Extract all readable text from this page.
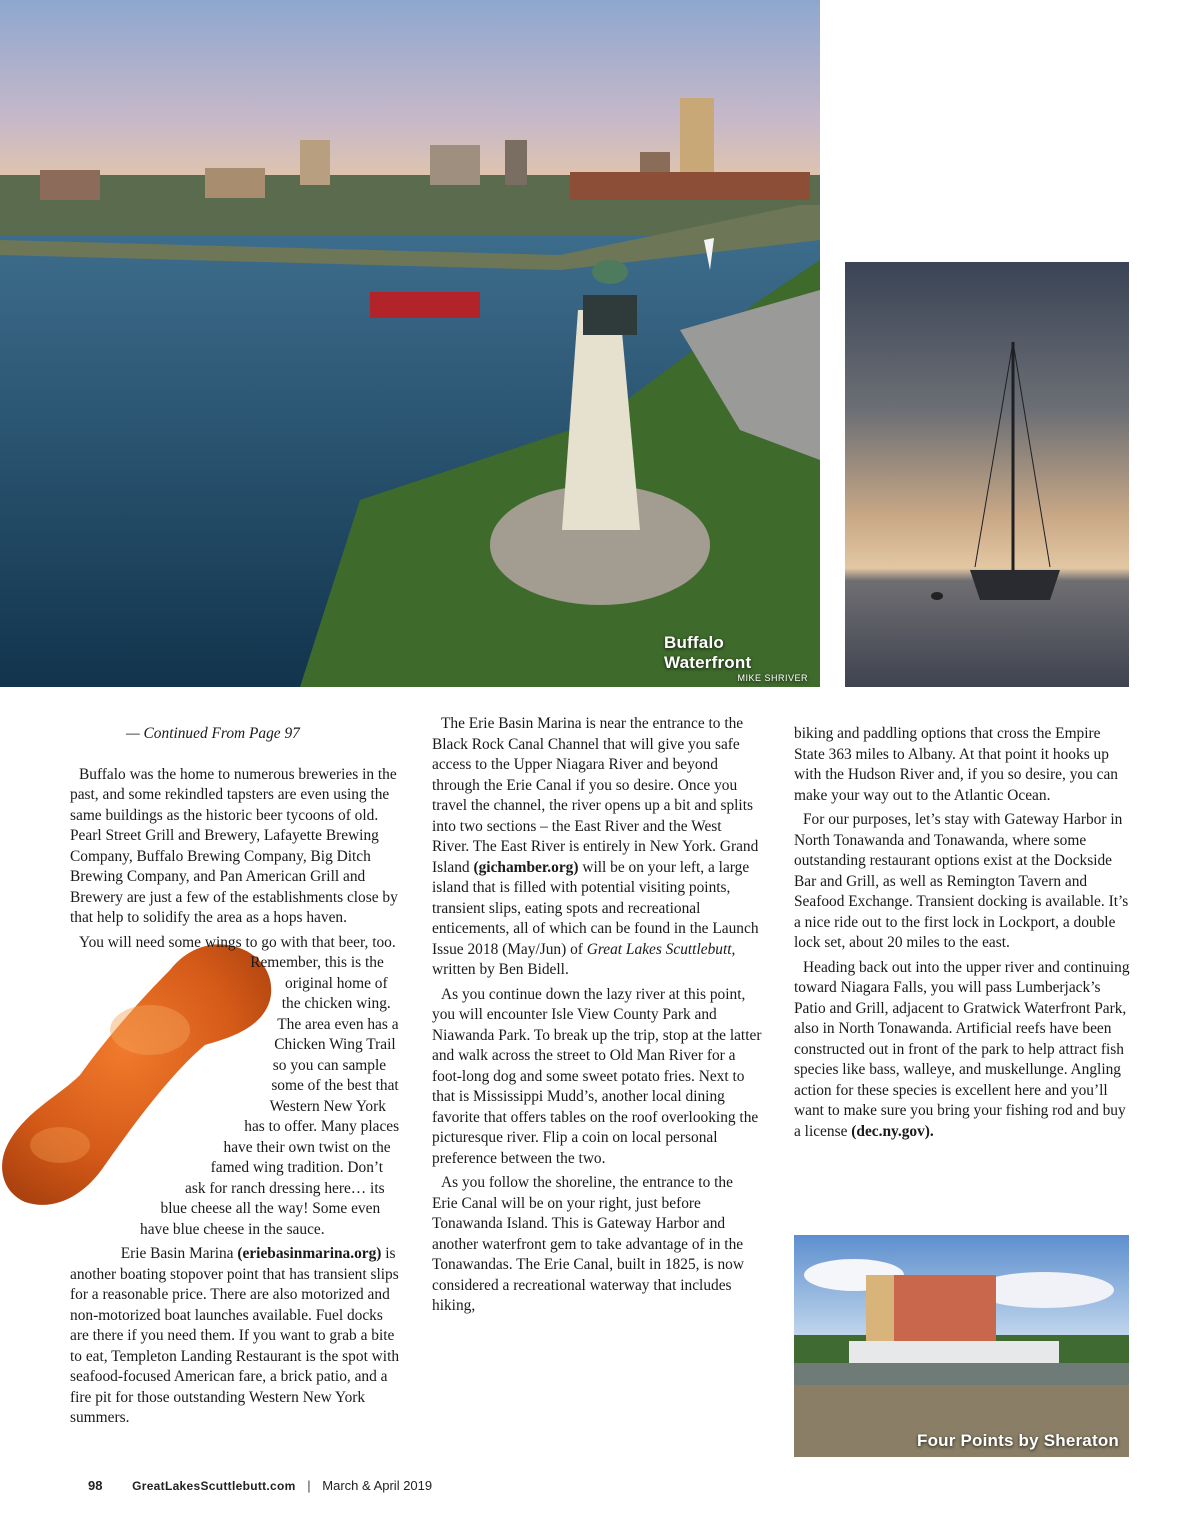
Buffalo Waterfront
MIKE SHRIVER
Four Points by Sheraton

— Continued From Page 97

Buffalo was the home to numerous breweries in the past, and some rekindled tapsters are even using the same buildings as the historic beer tycoons of old. Pearl Street Grill and Brewery, Lafayette Brewing Company, Buffalo Brewing Company, Big Ditch Brewing Company, and Pan American Grill and Brewery are just a few of the establishments close by that help to solidify the area as a hops haven.

You will need some wings to go with that beer, too. Remember, this is the original home of the chicken wing. The area even has a Chicken Wing Trail so you can sample some of the best that Western New York has to offer. Many places have their own twist on the famed wing tradition. Don’t ask for ranch dressing here… its blue cheese all the way! Some even have blue cheese in the sauce.

Erie Basin Marina (eriebasinmarina.org) is another boating stopover point that has transient slips for a reasonable price. There are also motorized and non-motorized boat launches available. Fuel docks are there if you need them. If you want to grab a bite to eat, Templeton Landing Restaurant is the spot with seafood-focused American fare, a brick patio, and a fire pit for those outstanding Western New York summers.

The Erie Basin Marina is near the entrance to the Black Rock Canal Channel that will give you safe access to the Upper Niagara River and beyond through the Erie Canal if you so desire. Once you travel the channel, the river opens up a bit and splits into two sections – the East River and the West River. The East River is entirely in New York. Grand Island (gichamber.org) will be on your left, a large island that is filled with potential visiting points, transient slips, eating spots and recreational enticements, all of which can be found in the Launch Issue 2018 (May/Jun) of Great Lakes Scuttlebutt, written by Ben Bidell.

As you continue down the lazy river at this point, you will encounter Isle View County Park and Niawanda Park. To break up the trip, stop at the latter and walk across the street to Old Man River for a foot-long dog and some sweet potato fries. Next to that is Mississippi Mudd’s, another local dining favorite that offers tables on the roof overlooking the picturesque river. Flip a coin on local personal preference between the two.

As you follow the shoreline, the entrance to the Erie Canal will be on your right, just before Tonawanda Island. This is Gateway Harbor and another waterfront gem to take advantage of in the Tonawandas. The Erie Canal, built in 1825, is now considered a recreational waterway that includes hiking,

biking and paddling options that cross the Empire State 363 miles to Albany. At that point it hooks up with the Hudson River and, if you so desire, you can make your way out to the Atlantic Ocean.

For our purposes, let’s stay with Gateway Harbor in North Tonawanda and Tonawanda, where some outstanding restaurant options exist at the Dockside Bar and Grill, as well as Remington Tavern and Seafood Exchange. Transient docking is available. It’s a nice ride out to the first lock in Lockport, a double lock set, about 20 miles to the east.

Heading back out into the upper river and continuing toward Niagara Falls, you will pass Lumberjack’s Patio and Grill, adjacent to Gratwick Waterfront Park, also in North Tonawanda. Artificial reefs have been constructed out in front of the park to help attract fish species like bass, walleye, and muskellunge. Angling action for these species is excellent here and you’ll want to make sure you bring your fishing rod and buy a license (dec.ny.gov).

98 GreatLakesScuttlebutt.com | March & April 2019
